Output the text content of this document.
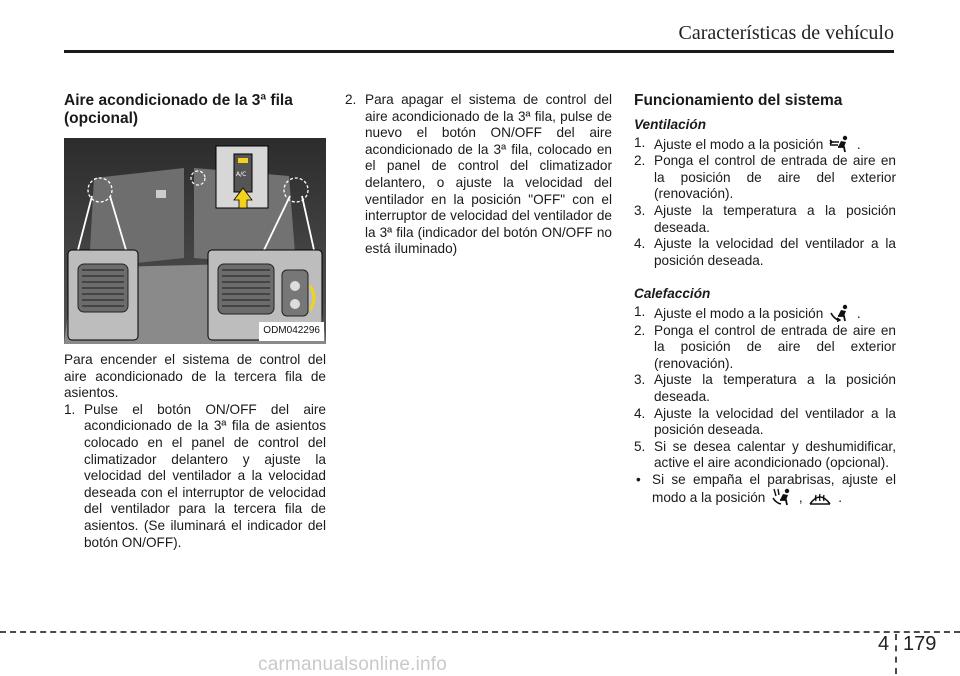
Características de vehículo
Aire acondicionado de la 3ª fila
(opcional)
A/C
ODM042296

Para encender el sistema de control del aire acondicionado de la tercera fila de asientos.

1. Pulse el botón ON/OFF del aire acondicionado de la 3ª fila de asientos colocado en el panel de control del climatizador delantero y ajuste la velocidad del ventilador a la velocidad deseada con el interruptor de velocidad del ventilador para la tercera fila de asientos. (Se iluminará el indicador del botón ON/OFF).
2. Para apagar el sistema de control del aire acondicionado de la 3ª fila, pulse de nuevo el botón ON/OFF del aire acondicionado de la 3ª fila, colocado en el panel de control del climatizador delantero, o ajuste la velocidad del ventilador en la posición "OFF" con el interruptor de velocidad del ventilador de la 3ª fila (indicador del botón ON/OFF no está iluminado)
Funcionamiento del sistema
Ventilación
1. Ajuste el modo a la posición .
2. Ponga el control de entrada de aire en la posición de aire del exterior (renovación).
3. Ajuste la temperatura a la posición deseada.
4. Ajuste la velocidad del ventilador a la posición deseada.
Calefacción
1. Ajuste el modo a la posición .
2. Ponga el control de entrada de aire en la posición de aire del exterior (renovación).
3. Ajuste la temperatura a la posición deseada.
4. Ajuste la velocidad del ventilador a la posición deseada.
5. Si se desea calentar y deshumidificar, active el aire acondicionado (opcional).
• Si se empaña el parabrisas, ajuste el modo a la posición ,	.
4 179
carmanualsonline.info
